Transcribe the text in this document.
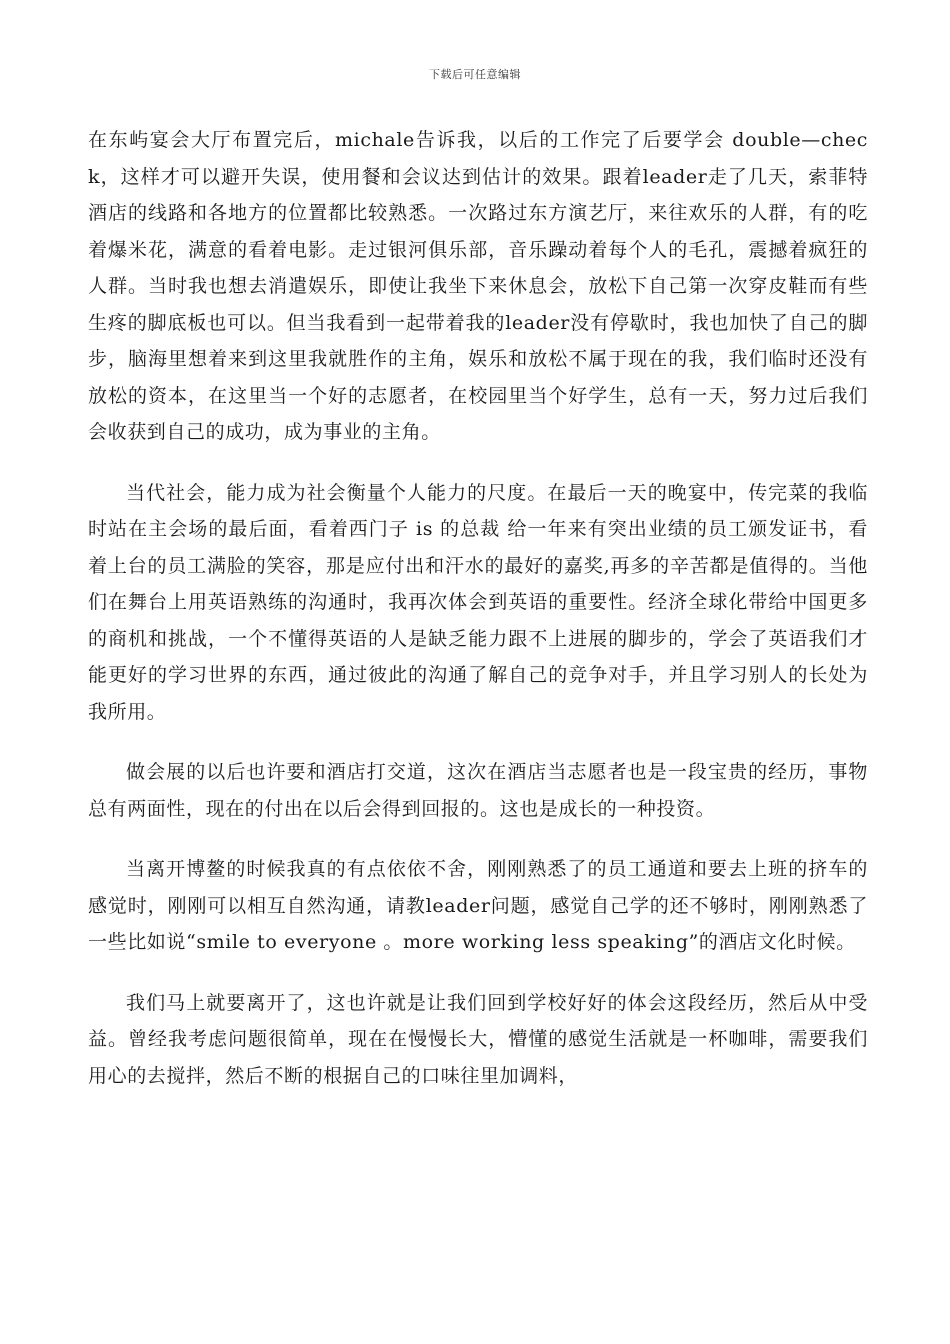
下载后可任意编辑

在东屿宴会大厅布置完后，michale告诉我，以后的工作完了后要学会 double—check，这样才可以避开失误，使用餐和会议达到估计的效果。跟着leader走了几天，索菲特酒店的线路和各地方的位置都比较熟悉。一次路过东方演艺厅，来往欢乐的人群，有的吃着爆米花，满意的看着电影。走过银河俱乐部，音乐躁动着每个人的毛孔，震撼着疯狂的人群。当时我也想去消遣娱乐，即使让我坐下来休息会，放松下自己第一次穿皮鞋而有些生疼的脚底板也可以。但当我看到一起带着我的leader没有停歇时，我也加快了自己的脚步，脑海里想着来到这里我就胜作的主角，娱乐和放松不属于现在的我，我们临时还没有放松的资本，在这里当一个好的志愿者，在校园里当个好学生，总有一天，努力过后我们会收获到自己的成功，成为事业的主角。

当代社会，能力成为社会衡量个人能力的尺度。在最后一天的晚宴中，传完菜的我临时站在主会场的最后面，看着西门子 is 的总裁 给一年来有突出业绩的员工颁发证书，看着上台的员工满脸的笑容，那是应付出和汗水的最好的嘉奖,再多的辛苦都是值得的。当他们在舞台上用英语熟练的沟通时，我再次体会到英语的重要性。经济全球化带给中国更多的商机和挑战，一个不懂得英语的人是缺乏能力跟不上进展的脚步的，学会了英语我们才能更好的学习世界的东西，通过彼此的沟通了解自己的竞争对手，并且学习别人的长处为我所用。

做会展的以后也许要和酒店打交道，这次在酒店当志愿者也是一段宝贵的经历，事物总有两面性，现在的付出在以后会得到回报的。这也是成长的一种投资。

当离开博鳌的时候我真的有点依依不舍，刚刚熟悉了的员工通道和要去上班的挤车的感觉时，刚刚可以相互自然沟通，请教leader问题，感觉自己学的还不够时，刚刚熟悉了一些比如说“smile to everyone 。more working less speaking”的酒店文化时候。

我们马上就要离开了，这也许就是让我们回到学校好好的体会这段经历，然后从中受益。曾经我考虑问题很简单，现在在慢慢长大，懵懂的感觉生活就是一杯咖啡，需要我们用心的去搅拌，然后不断的根据自己的口味往里加调料，
